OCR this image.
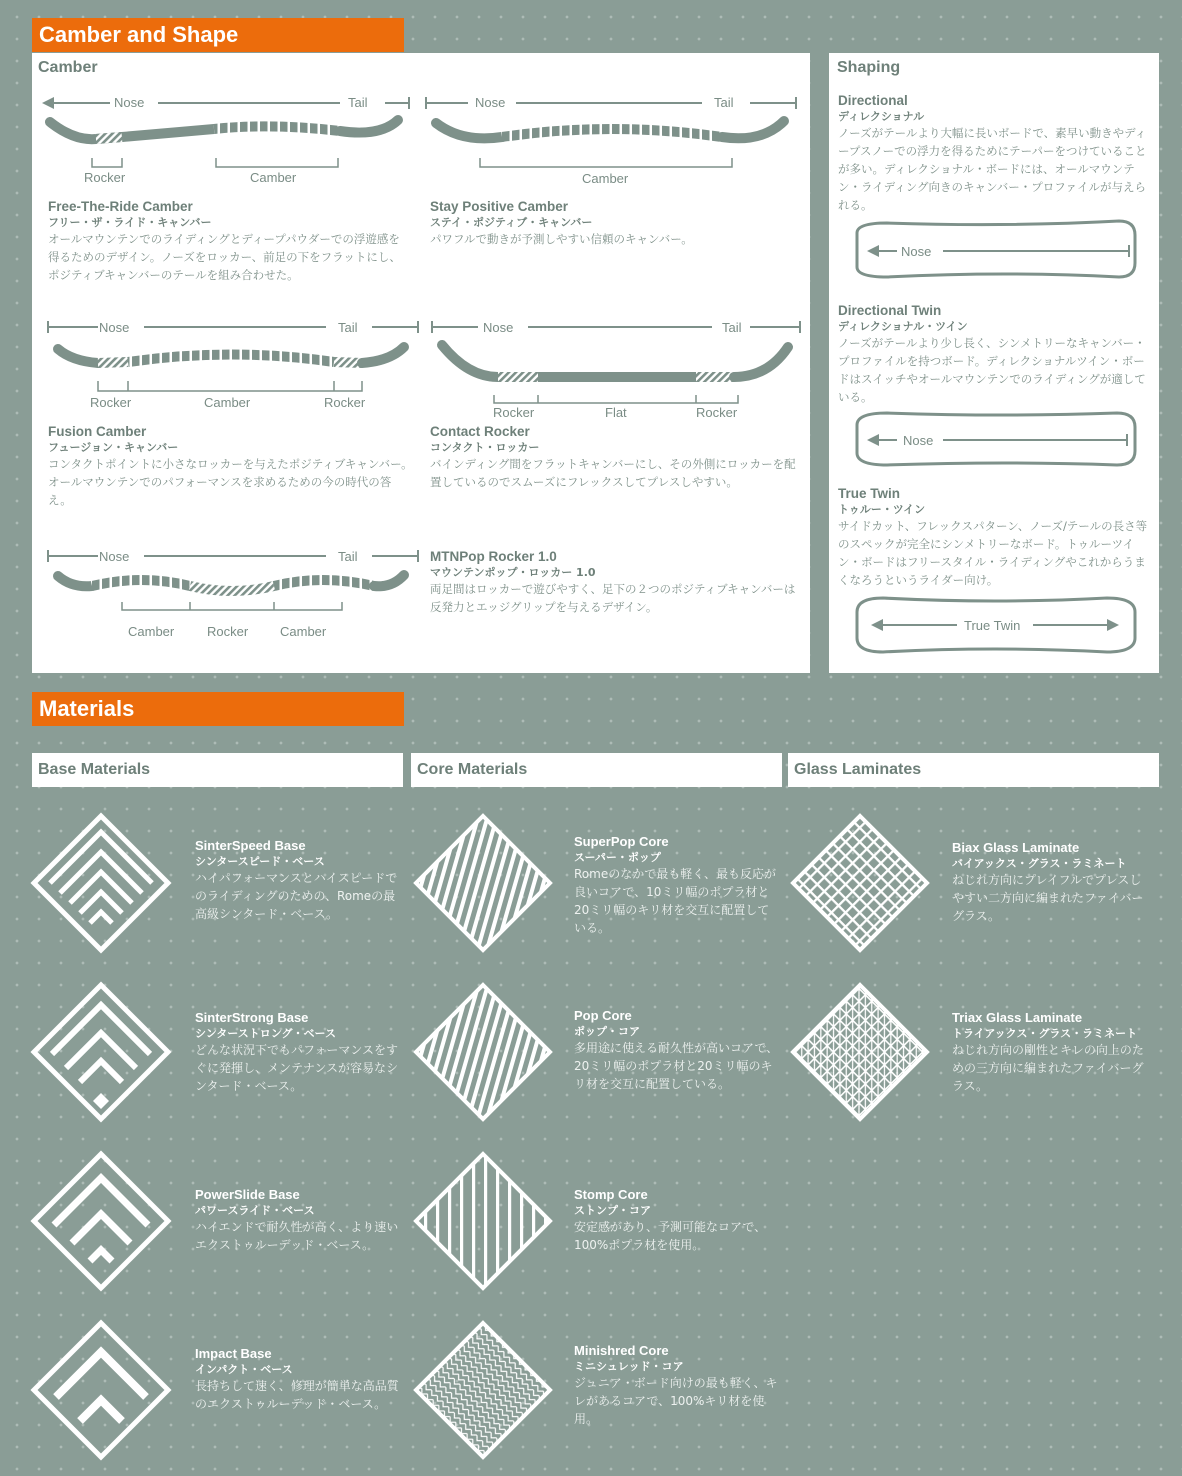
Camber and Shape
Camber
Nose	Tail
Rocker	Camber
Free-The-Ride Camber
フリー・ザ・ライド・キャンバー
オールマウンテンでのライディングとディープパウダーでの浮遊感を得るためのデザイン。ノーズをロッカー、前足の下をフラットにし、ポジティブキャンバーのテールを組み合わせた。
Nose	Tail
Camber
Stay Positive Camber
ステイ・ポジティブ・キャンバー
パワフルで動きが予測しやすい信頼のキャンバー。
Nose	Tail
Rocker	Camber	Rocker
Fusion Camber
フュージョン・キャンバー
コンタクトポイントに小さなロッカーを与えたポジティブキャンバー。オールマウンテンでのパフォーマンスを求めるための今の時代の答え。
Nose	Tail
Rocker	Flat	Rocker
Contact Rocker
コンタクト・ロッカー
バインディング間をフラットキャンバーにし、その外側にロッカーを配置しているのでスムーズにフレックスしてプレスしやすい。
Nose	Tail
Camber	Rocker Camber
MTNPop Rocker 1.0
マウンテンポップ・ロッカー 1.0
両足間はロッカーで遊びやすく、足下の２つのポジティブキャンバーは反発力とエッジグリップを与えるデザイン。
Shaping
Directional
ディレクショナル
ノーズがテールより大幅に長いボードで、素早い動きやディープスノーでの浮力を得るためにテーパーをつけていることが多い。ディレクショナル・ボードには、オールマウンテン・ライディング向きのキャンバー・プロファイルが与えられる。
Nose
Directional Twin
ディレクショナル・ツイン
ノーズがテールより少し長く、シンメトリーなキャンバー・プロファイルを持つボード。ディレクショナルツイン・ボードはスイッチやオールマウンテンでのライディングが適している。
Nose
True Twin
トゥルー・ツイン
サイドカット、フレックスパターン、ノーズ/テールの長さ等のスペックが完全にシンメトリーなボード。トゥルーツイン・ボードはフリースタイル・ライディングやこれからうまくなろうというライダー向け。
True Twin
Materials
Base Materials	Core Materials	Glass Laminates
SinterSpeed Base
シンタースピード・ベース
ハイパフォーマンスとハイスピードでのライディングのための、Romeの最高級シンタード・ベース。
SinterStrong Base
シンターストロング・ベース
どんな状況下でもパフォーマンスをすぐに発揮し、メンテナンスが容易なシンタード・ベース。
PowerSlide Base
パワースライド・ベース
ハイエンドで耐久性が高く、より速いエクストゥルーデッド・ベース。
Impact Base
インパクト・ベース
長持ちして速く、修理が簡単な高品質のエクストゥルーデッド・ベース。
SuperPop Core
スーパー・ポップ
Romeのなかで最も軽く、最も反応が良いコアで、10ミリ幅のポプラ材と20ミリ幅のキリ材を交互に配置している。
Pop Core
ポップ・コア
多用途に使える耐久性が高いコアで、20ミリ幅のポプラ材と20ミリ幅のキリ材を交互に配置している。
Stomp Core
ストンプ・コア
安定感があり、予測可能なコアで、100%ポプラ材を使用。
Minishred Core
ミニシュレッド・コア
ジュニア・ボード向けの最も軽く、キレがあるコアで、100%キリ材を使用。
Biax Glass Laminate
バイアックス・グラス・ラミネート
ねじれ方向にプレイフルでプレスしやすい二方向に編まれたファイバーグラス。
Triax Glass Laminate
トライアックス・グラス・ラミネート
ねじれ方向の剛性とキレの向上のための三方向に編まれたファイバーグラス。
